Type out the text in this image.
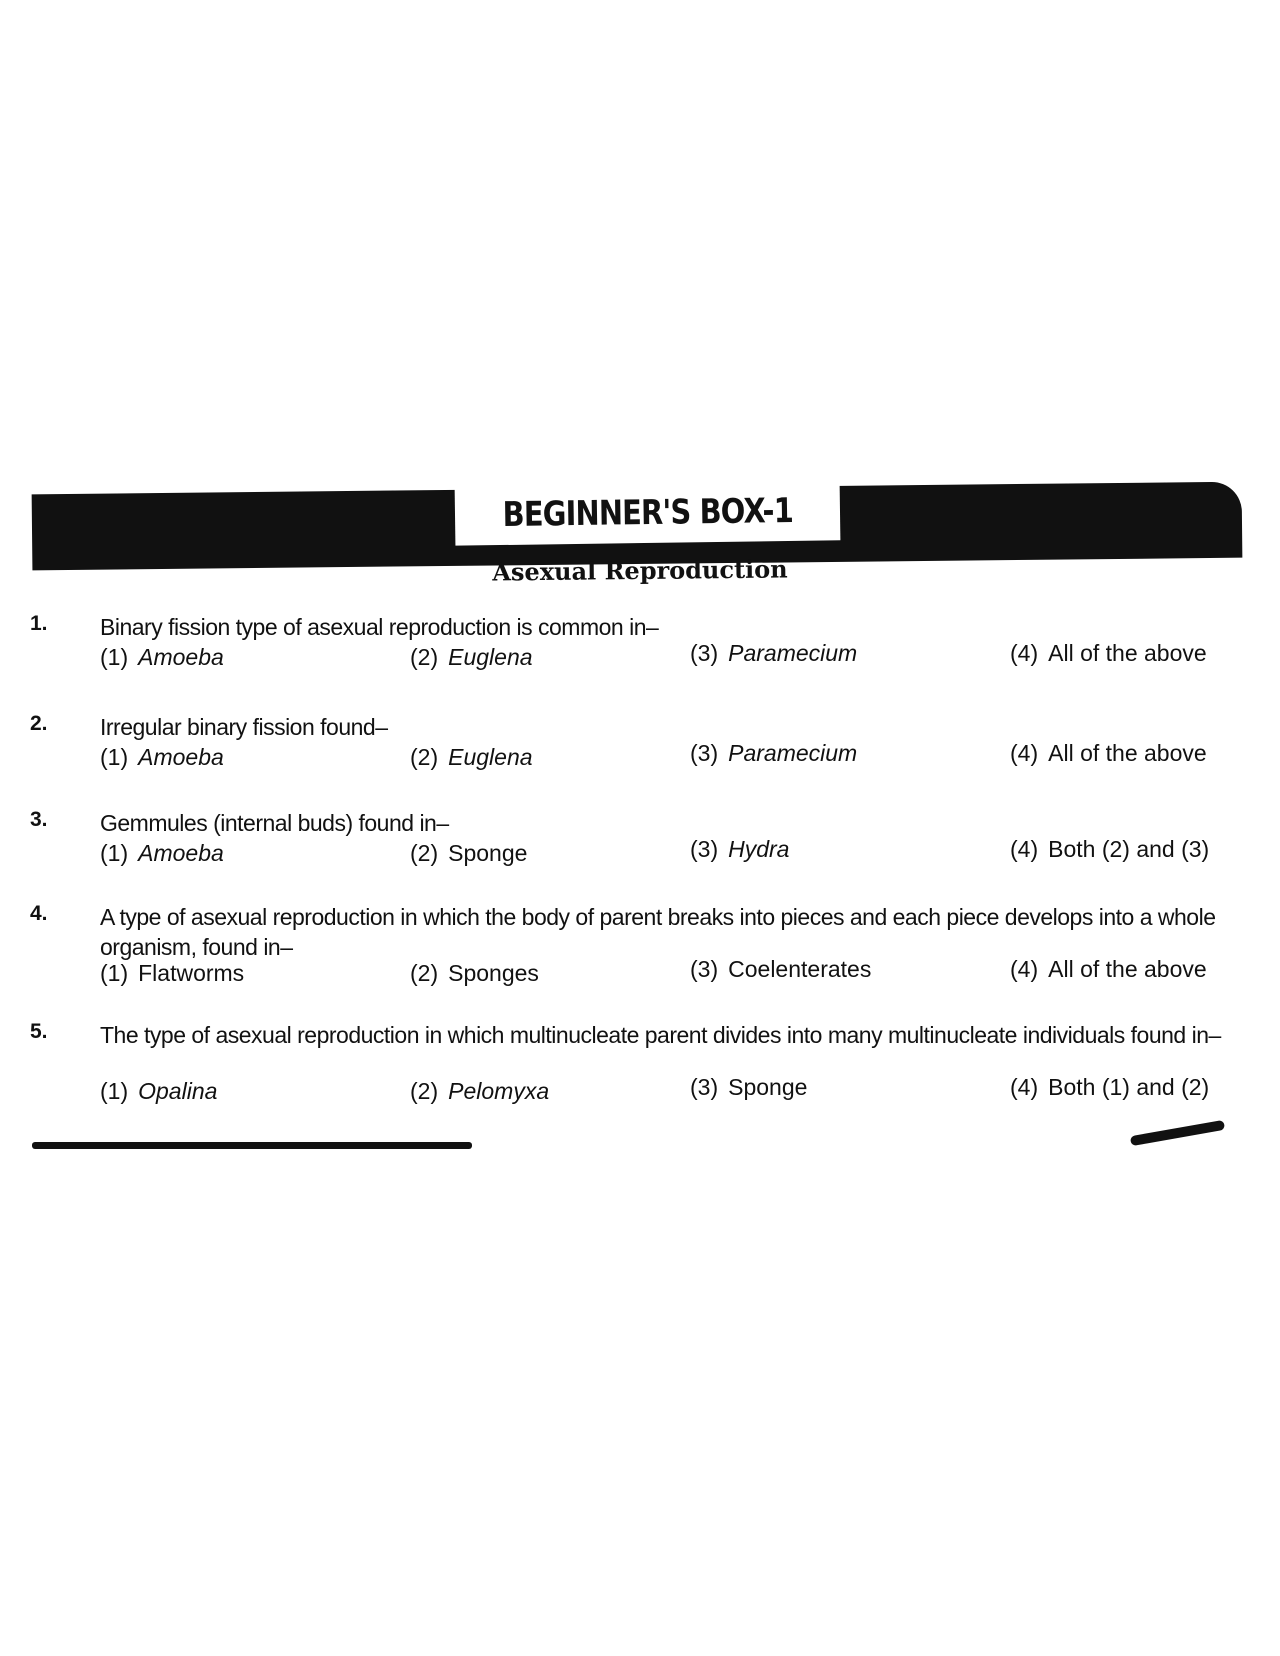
BEGINNER'S BOX-1
Asexual Reproduction
1. Binary fission type of asexual reproduction is common in–
(1) Amoeba	(2) Euglena	(3) Paramecium	(4) All of the above
2. Irregular binary fission found–
(1) Amoeba	(2) Euglena	(3) Paramecium	(4) All of the above
3. Gemmules (internal buds) found in–
(1) Amoeba	(2) Sponge	(3) Hydra	(4) Both (2) and (3)
4. A type of asexual reproduction in which the body of parent breaks into pieces and each piece develops into a whole organism, found in–
(1) Flatworms	(2) Sponges	(3) Coelenterates	(4) All of the above
5. The type of asexual reproduction in which multinucleate parent divides into many multinucleate individuals found in–
(1) Opalina	(2) Pelomyxa	(3) Sponge	(4) Both (1) and (2)
